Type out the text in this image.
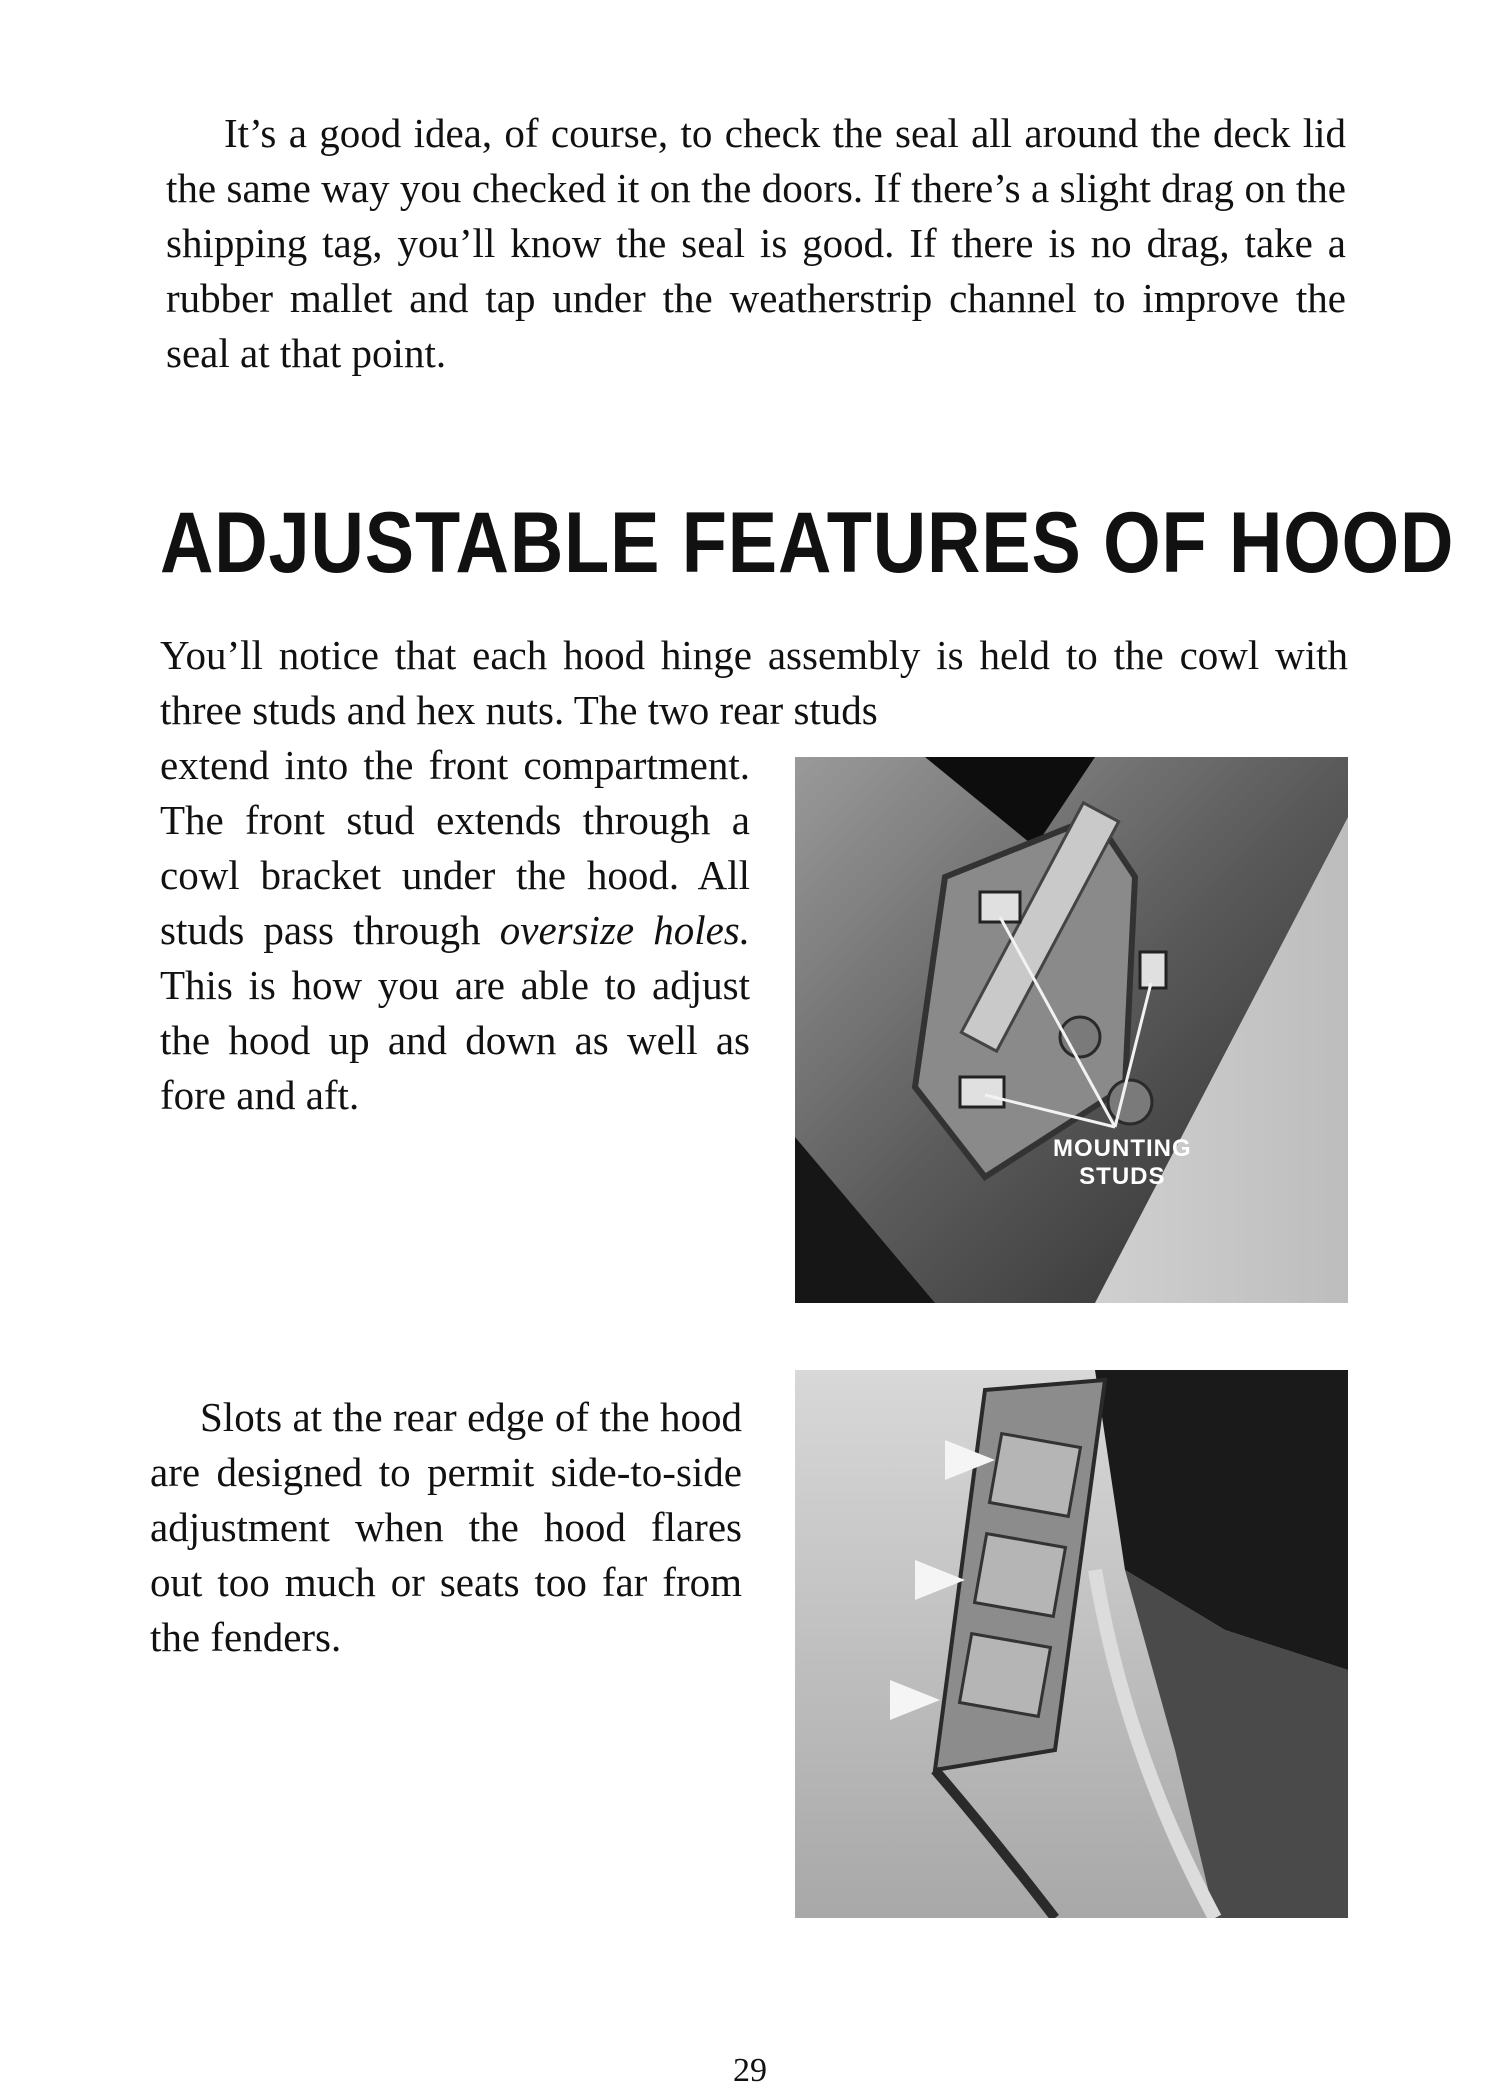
It’s a good idea, of course, to check the seal all around the deck lid the same way you checked it on the doors. If there’s a slight drag on the shipping tag, you’ll know the seal is good. If there is no drag, take a rubber mallet and tap under the weatherstrip channel to improve the seal at that point.

ADJUSTABLE FEATURES OF HOOD

You’ll notice that each hood hinge assembly is held to the cowl with three studs and hex nuts. The two rear studs

extend into the front compartment. The front stud extends through a cowl bracket under the hood. All studs pass through oversize holes. This is how you are able to adjust the hood up and down as well as fore and aft.

MOUNTING
STUDS

Slots at the rear edge of the hood are designed to permit side-to-side adjustment when the hood flares out too much or seats too far from the fenders.

29
